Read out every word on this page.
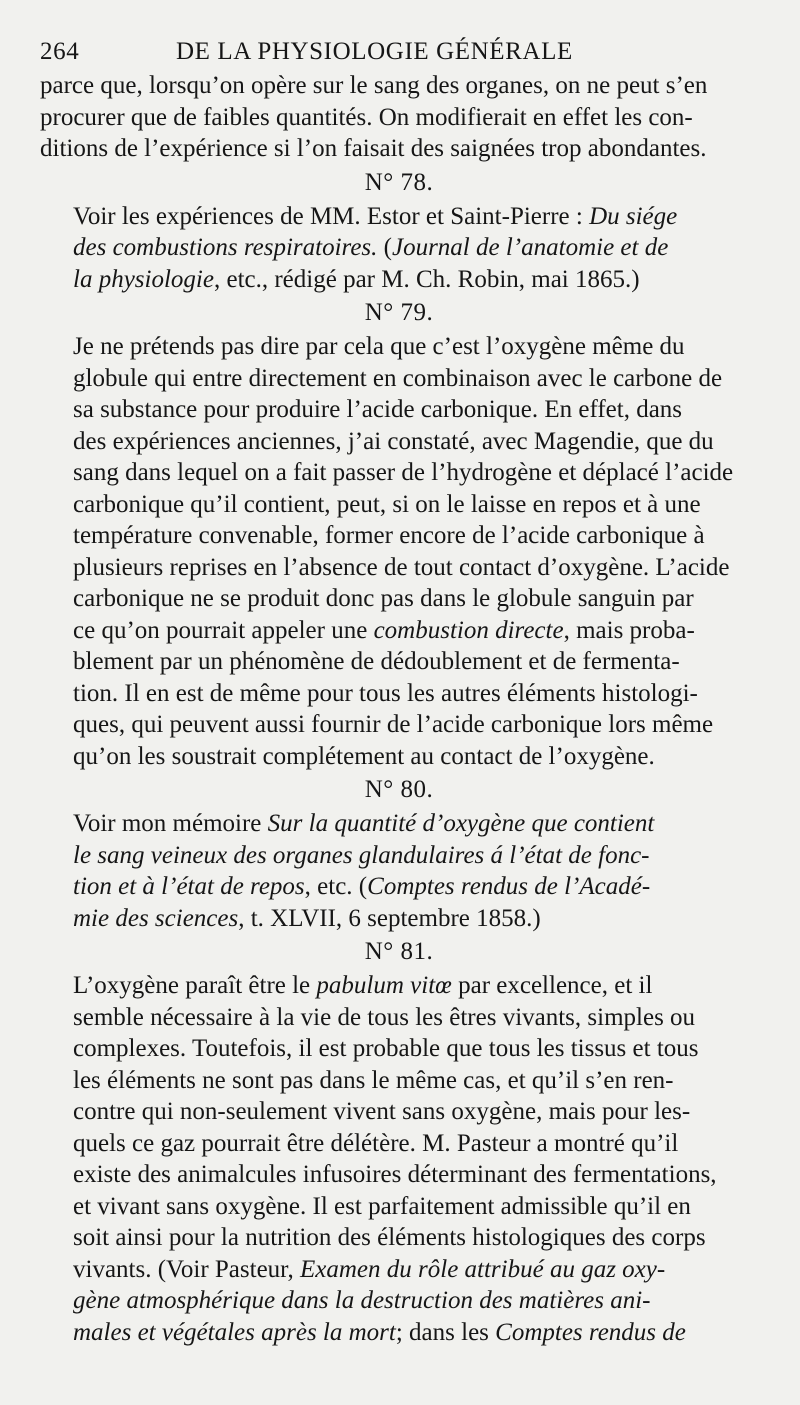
264	DE LA PHYSIOLOGIE GÉNÉRALE
parce que, lorsqu’on opère sur le sang des organes, on ne peut s’en
procurer que de faibles quantités. On modifierait en effet les con-
ditions de l’expérience si l’on faisait des saignées trop abondantes.
N° 78.
Voir les expériences de MM. Estor et Saint-Pierre : Du siége
des combustions respiratoires. (Journal de l’anatomie et de
la physiologie, etc., rédigé par M. Ch. Robin, mai 1865.)
N° 79.
Je ne prétends pas dire par cela que c’est l’oxygène même du
globule qui entre directement en combinaison avec le carbone de
sa substance pour produire l’acide carbonique. En effet, dans
des expériences anciennes, j’ai constaté, avec Magendie, que du
sang dans lequel on a fait passer de l’hydrogène et déplacé l’acide
carbonique qu’il contient, peut, si on le laisse en repos et à une
température convenable, former encore de l’acide carbonique à
plusieurs reprises en l’absence de tout contact d’oxygène. L’acide
carbonique ne se produit donc pas dans le globule sanguin par
ce qu’on pourrait appeler une combustion directe, mais proba-
blement par un phénomène de dédoublement et de fermenta-
tion. Il en est de même pour tous les autres éléments histologi-
ques, qui peuvent aussi fournir de l’acide carbonique lors même
qu’on les soustrait complétement au contact de l’oxygène.
N° 80.
Voir mon mémoire Sur la quantité d’oxygène que contient
le sang veineux des organes glandulaires á l’état de fonc-
tion et à l’état de repos, etc. (Comptes rendus de l’Acadé-
mie des sciences, t. XLVII, 6 septembre 1858.)
N° 81.
L’oxygène paraît être le pabulum vitœ par excellence, et il
semble nécessaire à la vie de tous les êtres vivants, simples ou
complexes. Toutefois, il est probable que tous les tissus et tous
les éléments ne sont pas dans le même cas, et qu’il s’en ren-
contre qui non-seulement vivent sans oxygène, mais pour les-
quels ce gaz pourrait être délétère. M. Pasteur a montré qu’il
existe des animalcules infusoires déterminant des fermentations,
et vivant sans oxygène. Il est parfaitement admissible qu’il en
soit ainsi pour la nutrition des éléments histologiques des corps
vivants. (Voir Pasteur, Examen du rôle attribué au gaz oxy-
gène atmosphérique dans la destruction des matières ani-
males et végétales après la mort; dans les Comptes rendus de
